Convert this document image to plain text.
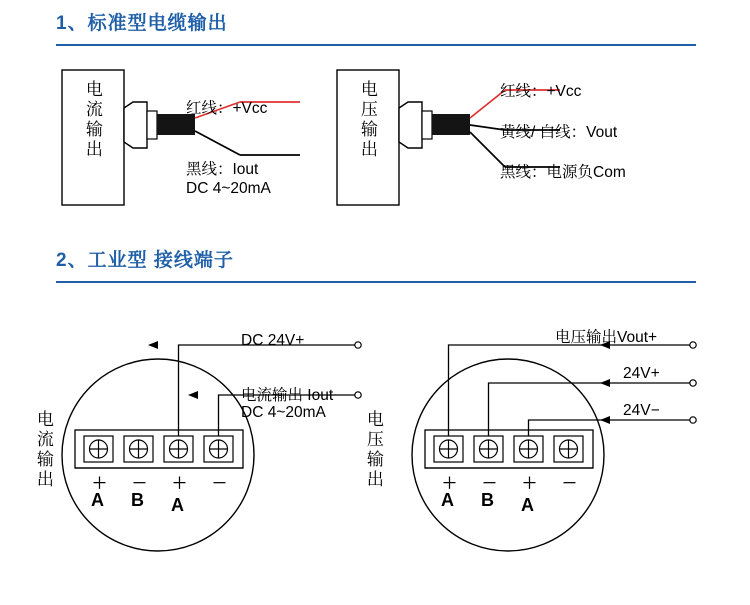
1、标准型电缆输出
电流输出	电压输出
红线：+Vcc
黑线：Iout
DC 4~20mA
红线：+Vcc
黄线/ 白线：Vout
黑线：电源负Com
2、工业型 接线端子
电流输出	电压输出
DC 24V+
电流输出 Iout
DC 4~20mA
电压输出Vout+
24V+
24V−
＋ － ＋ －
A B A
＋ － ＋ －
A B A
